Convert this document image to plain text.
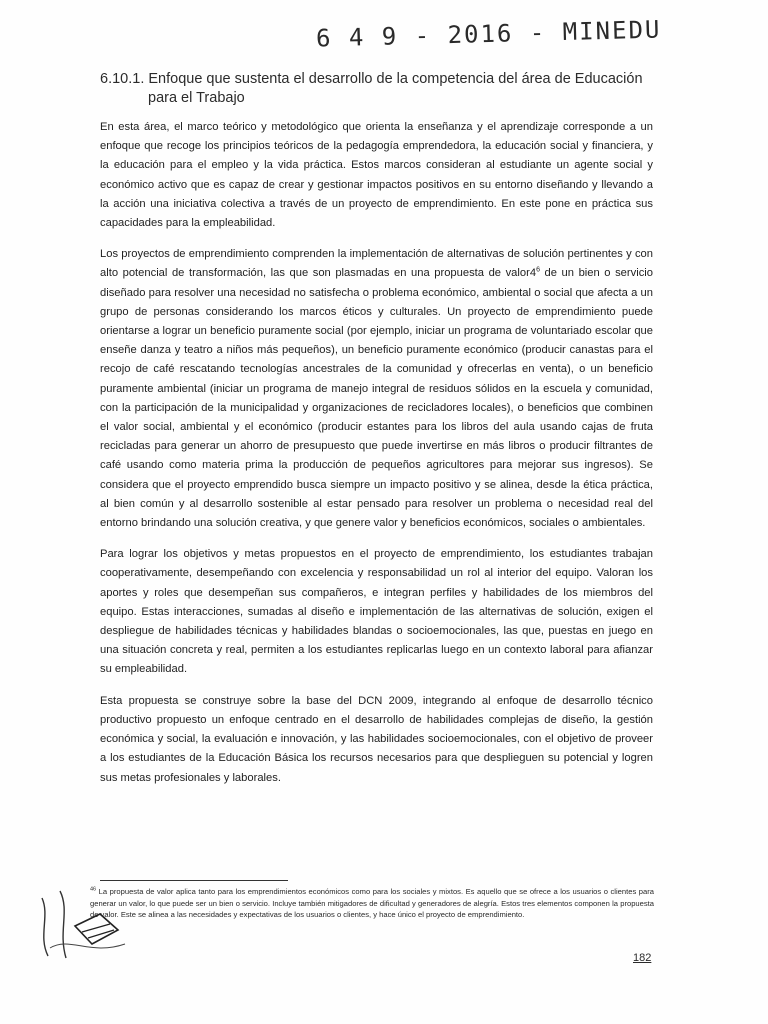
6 4 9 - 2016 - MINEDU
6.10.1. Enfoque que sustenta el desarrollo de la competencia del área de Educación
para el Trabajo

En esta área, el marco teórico y metodológico que orienta la enseñanza y el aprendizaje corresponde a un enfoque que recoge los principios teóricos de la pedagogía emprendedora, la educación social y financiera, y la educación para el empleo y la vida práctica. Estos marcos consideran al estudiante un agente social y económico activo que es capaz de crear y gestionar impactos positivos en su entorno diseñando y llevando a la acción una iniciativa colectiva a través de un proyecto de emprendimiento. En este pone en práctica sus capacidades para la empleabilidad.

Los proyectos de emprendimiento comprenden la implementación de alternativas de solución pertinentes y con alto potencial de transformación, las que son plasmadas en una propuesta de $valor4^6$ de un bien o servicio diseñado para resolver una necesidad no satisfecha o problema económico, ambiental o social que afecta a un grupo de personas considerando los marcos éticos y culturales. Un proyecto de emprendimiento puede orientarse a lograr un beneficio puramente social (por ejemplo, iniciar un programa de voluntariado escolar que enseñe danza y teatro a niños más pequeños), un beneficio puramente económico (producir canastas para el recojo de café rescatando tecnologías ancestrales de la comunidad y ofrecerlas en venta), o un beneficio puramente ambiental (iniciar un programa de manejo integral de residuos sólidos en la escuela y comunidad, con la participación de la municipalidad y organizaciones de recicladores locales), o beneficios que combinen el valor social, ambiental y el económico (producir estantes para los libros del aula usando cajas de fruta recicladas para generar un ahorro de presupuesto que puede invertirse en más libros o producir filtrantes de café usando como materia prima la producción de pequeños agricultores para mejorar sus ingresos). Se considera que el proyecto emprendido busca siempre un impacto positivo y se alinea, desde la ética práctica, al bien común y al desarrollo sostenible al estar pensado para resolver un problema o necesidad real del entorno brindando una solución creativa, y que genere valor y beneficios económicos, sociales o ambientales.

Para lograr los objetivos y metas propuestos en el proyecto de emprendimiento, los estudiantes trabajan cooperativamente, desempeñando con excelencia y responsabilidad un rol al interior del equipo. Valoran los aportes y roles que desempeñan sus compañeros, e integran perfiles y habilidades de los miembros del equipo. Estas interacciones, sumadas al diseño e implementación de las alternativas de solución, exigen el despliegue de habilidades técnicas y habilidades blandas o socioemocionales, las que, puestas en juego en una situación concreta y real, permiten a los estudiantes replicarlas luego en un contexto laboral para afianzar su empleabilidad.

Esta propuesta se construye sobre la base del DCN 2009, integrando al enfoque de desarrollo técnico productivo propuesto un enfoque centrado en el desarrollo de habilidades complejas de diseño, la gestión económica y social, la evaluación e innovación, y las habilidades socioemocionales, con el objetivo de proveer a los estudiantes de la Educación Básica los recursos necesarios para que desplieguen su potencial y logren sus metas profesionales y laborales.

$^{46}$ La propuesta de valor aplica tanto para los emprendimientos económicos como para los sociales y mixtos. Es aquello que se ofrece a los usuarios o clientes para generar un valor, lo que puede ser un bien o servicio. Incluye también mitigadores de dificultad y generadores de alegría. Estos tres elementos componen la propuesta de valor. Este se alinea a las necesidades y expectativas de los usuarios o clientes, y hace único el proyecto de emprendimiento.
182
